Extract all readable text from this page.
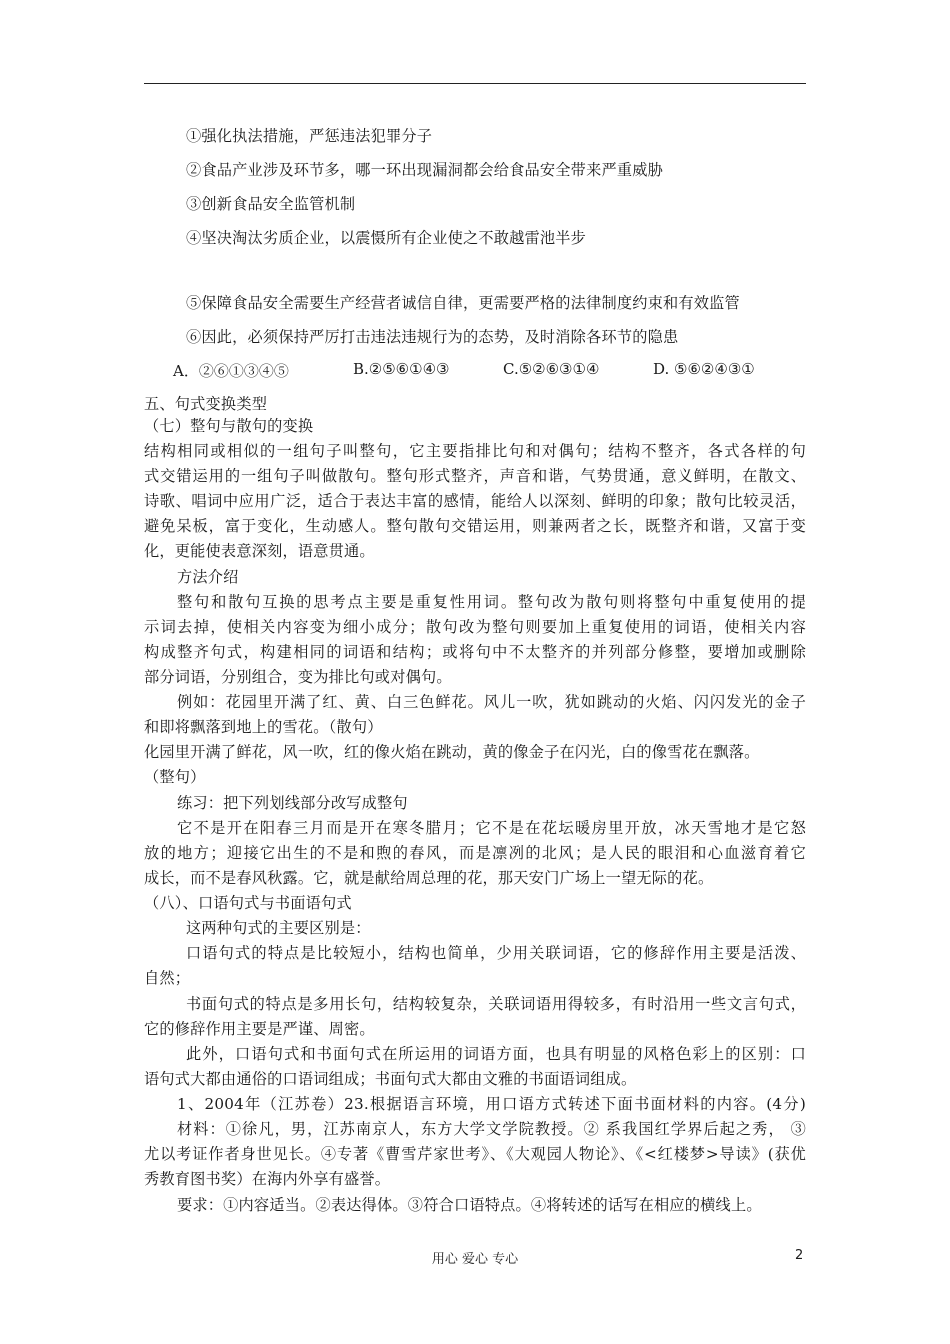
①强化执法措施，严惩违法犯罪分子
②食品产业涉及环节多，哪一环出现漏洞都会给食品安全带来严重威胁
③创新食品安全监管机制
④坚决淘汰劣质企业，以震慑所有企业使之不敢越雷池半步
⑤保障食品安全需要生产经营者诚信自律，更需要严格的法律制度约束和有效监管
⑥因此，必须保持严厉打击违法违规行为的态势，及时消除各环节的隐患
A．②⑥①③④⑤	B.②⑤⑥①④③	C.⑤②⑥③①④	D. ⑤⑥②④③①
五、句式变换类型
（七）整句与散句的变换
结构相同或相似的一组句子叫整句，它主要指排比句和对偶句；结构不整齐，各式各样的句
式交错运用的一组句子叫做散句。整句形式整齐，声音和谐，气势贯通，意义鲜明，在散文、
诗歌、唱词中应用广泛，适合于表达丰富的感情，能给人以深刻、鲜明的印象；散句比较灵活，
避免呆板，富于变化，生动感人。整句散句交错运用，则兼两者之长，既整齐和谐，又富于变
化，更能使表意深刻，语意贯通。
方法介绍
整句和散句互换的思考点主要是重复性用词。整句改为散句则将整句中重复使用的提
示词去掉，使相关内容变为细小成分；散句改为整句则要加上重复使用的词语，使相关内容
构成整齐句式，构建相同的词语和结构；或将句中不太整齐的并列部分修整，要增加或删除
部分词语，分别组合，变为排比句或对偶句。
例如：花园里开满了红、黄、白三色鲜花。风儿一吹，犹如跳动的火焰、闪闪发光的金子
和即将飘落到地上的雪花。（散句）
化园里开满了鲜花，风一吹，红的像火焰在跳动，黄的像金子在闪光，白的像雪花在飘落。
（整句）
练习：把下列划线部分改写成整句
它不是开在阳春三月而是开在寒冬腊月；它不是在花坛暖房里开放，冰天雪地才是它怒
放的地方；迎接它出生的不是和煦的春风，而是凛冽的北风；是人民的眼泪和心血滋育着它
成长，而不是春风秋露。它，就是献给周总理的花，那天安门广场上一望无际的花。
（八）、口语句式与书面语句式
这两种句式的主要区别是：
口语句式的特点是比较短小，结构也简单，少用关联词语，它的修辞作用主要是活泼、
自然；
书面句式的特点是多用长句，结构较复杂，关联词语用得较多，有时沿用一些文言句式，
它的修辞作用主要是严谨、周密。
此外，口语句式和书面句式在所运用的词语方面，也具有明显的风格色彩上的区别：口
语句式大都由通俗的口语词组成；书面句式大都由文雅的书面语词组成。
1、2004年（江苏卷）23.根据语言环境，用口语方式转述下面书面材料的内容。(4分)
材料：①徐凡，男，江苏南京人，东方大学文学院教授。② 系我国红学界后起之秀， ③
尤以考证作者身世见长。④专著《曹雪芹家世考》、《大观园人物论》、《<红楼梦>导读》(获优
秀教育图书奖）在海内外享有盛誉。
要求：①内容适当。②表达得体。③符合口语特点。④将转述的话写在相应的横线上。
用心 爱心 专心	2
